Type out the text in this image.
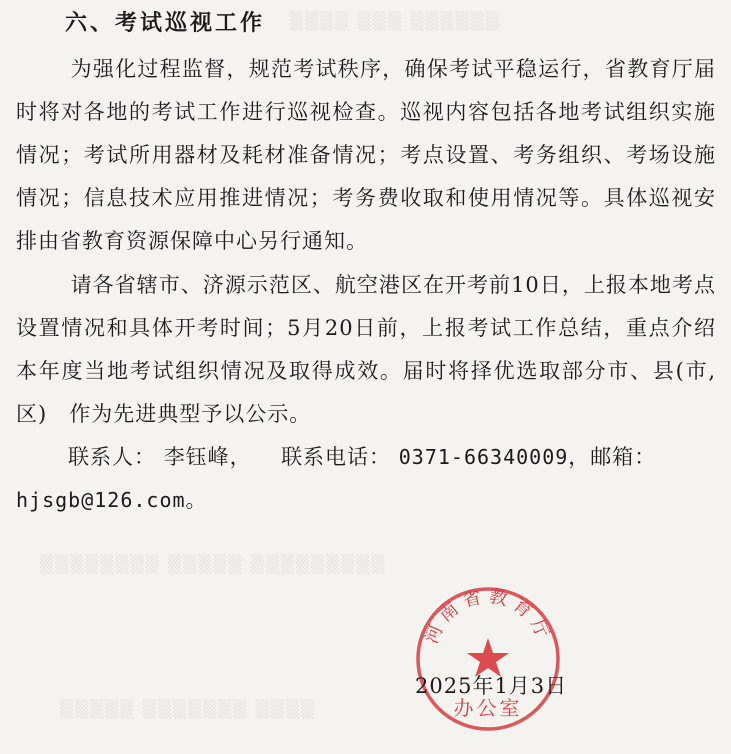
▒▒▒▒ ▒▒▒ ▒▒▒▒▒▒
▒▒▒▒▒▒▒▒ ▒▒▒▒▒ ▒▒▒▒▒▒▒▒▒
▒▒▒▒▒ ▒▒▒▒▒▒▒ ▒▒▒▒
六、考试巡视工作
为强化过程监督，规范考试秩序，确保考试平稳运行，省教育厅届时将对各地的考试工作进行巡视检查。巡视内容包括各地考试组织实施情况；考试所用器材及耗材准备情况；考点设置、考务组织、考场设施情况；信息技术应用推进情况；考务费收取和使用情况等。具体巡视安排由省教育资源保障中心另行通知。
请各省辖市、济源示范区、航空港区在开考前10日，上报本地考点设置情况和具体开考时间；5月20日前，上报考试工作总结，重点介绍本年度当地考试组织情况及取得成效。届时将择优选取部分市、县(市,区)　作为先进典型予以公示。
联系人： 李钰峰， 联系电话： 0371-66340009，邮箱：
hjsgb@126.com。
河南省教育厅
办公室
2025年1月3日
